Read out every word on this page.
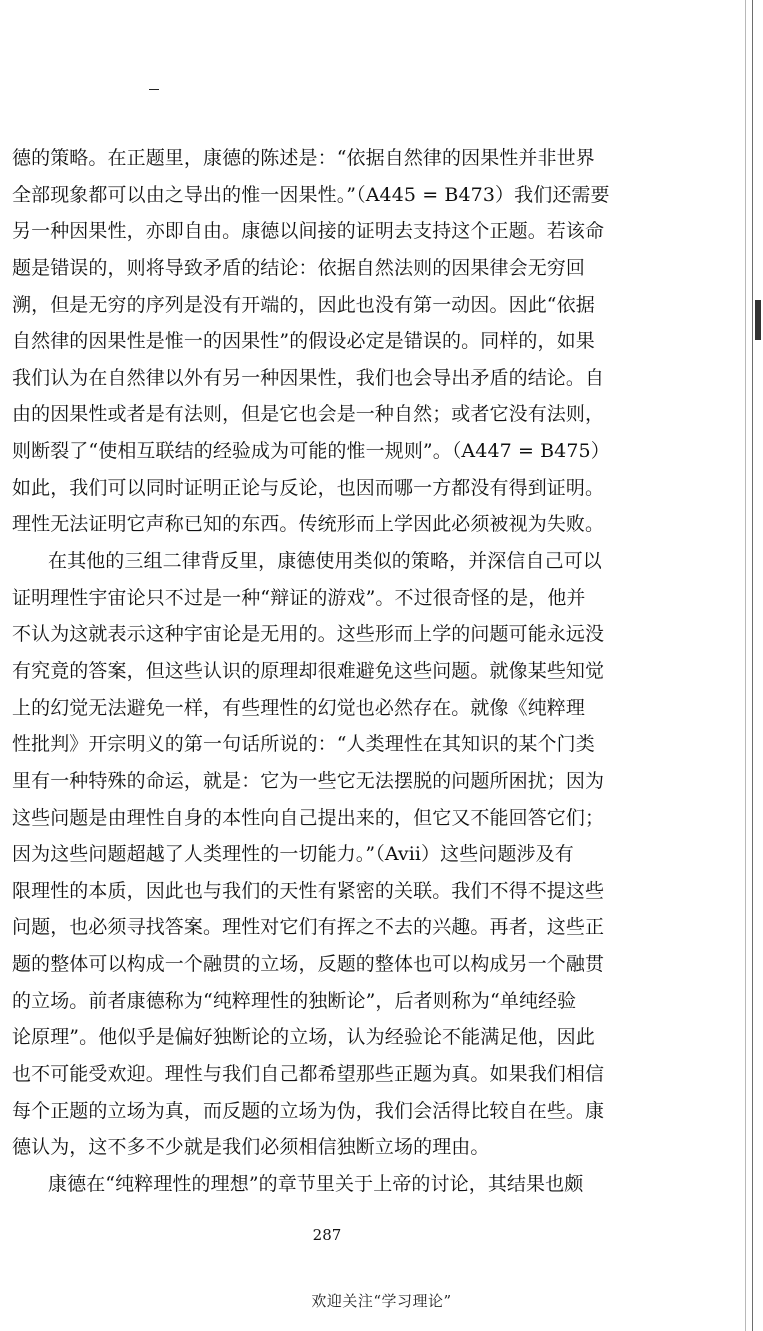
德的策略。在正题里，康德的陈述是：“依据自然律的因果性并非世界
全部现象都可以由之导出的惟一因果性。”（A445 = B473）我们还需要
另一种因果性，亦即自由。康德以间接的证明去支持这个正题。若该命
题是错误的，则将导致矛盾的结论：依据自然法则的因果律会无穷回
溯，但是无穷的序列是没有开端的，因此也没有第一动因。因此“依据
自然律的因果性是惟一的因果性”的假设必定是错误的。同样的，如果
我们认为在自然律以外有另一种因果性，我们也会导出矛盾的结论。自
由的因果性或者是有法则，但是它也会是一种自然；或者它没有法则，
则断裂了“使相互联结的经验成为可能的惟一规则”。（A447 = B475）
如此，我们可以同时证明正论与反论，也因而哪一方都没有得到证明。
理性无法证明它声称已知的东西。传统形而上学因此必须被视为失败。
在其他的三组二律背反里，康德使用类似的策略，并深信自己可以
证明理性宇宙论只不过是一种“辩证的游戏”。不过很奇怪的是，他并
不认为这就表示这种宇宙论是无用的。这些形而上学的问题可能永远没
有究竟的答案，但这些认识的原理却很难避免这些问题。就像某些知觉
上的幻觉无法避免一样，有些理性的幻觉也必然存在。就像《纯粹理
性批判》开宗明义的第一句话所说的：“人类理性在其知识的某个门类
里有一种特殊的命运，就是：它为一些它无法摆脱的问题所困扰；因为
这些问题是由理性自身的本性向自己提出来的，但它又不能回答它们；
因为这些问题超越了人类理性的一切能力。”（Avii）这些问题涉及有
限理性的本质，因此也与我们的天性有紧密的关联。我们不得不提这些
问题，也必须寻找答案。理性对它们有挥之不去的兴趣。再者，这些正
题的整体可以构成一个融贯的立场，反题的整体也可以构成另一个融贯
的立场。前者康德称为“纯粹理性的独断论”，后者则称为“单纯经验
论原理”。他似乎是偏好独断论的立场，认为经验论不能满足他，因此
也不可能受欢迎。理性与我们自己都希望那些正题为真。如果我们相信
每个正题的立场为真，而反题的立场为伪，我们会活得比较自在些。康
德认为，这不多不少就是我们必须相信独断立场的理由。
康德在“纯粹理性的理想”的章节里关于上帝的讨论，其结果也颇
287
欢迎关注“学习理论”
